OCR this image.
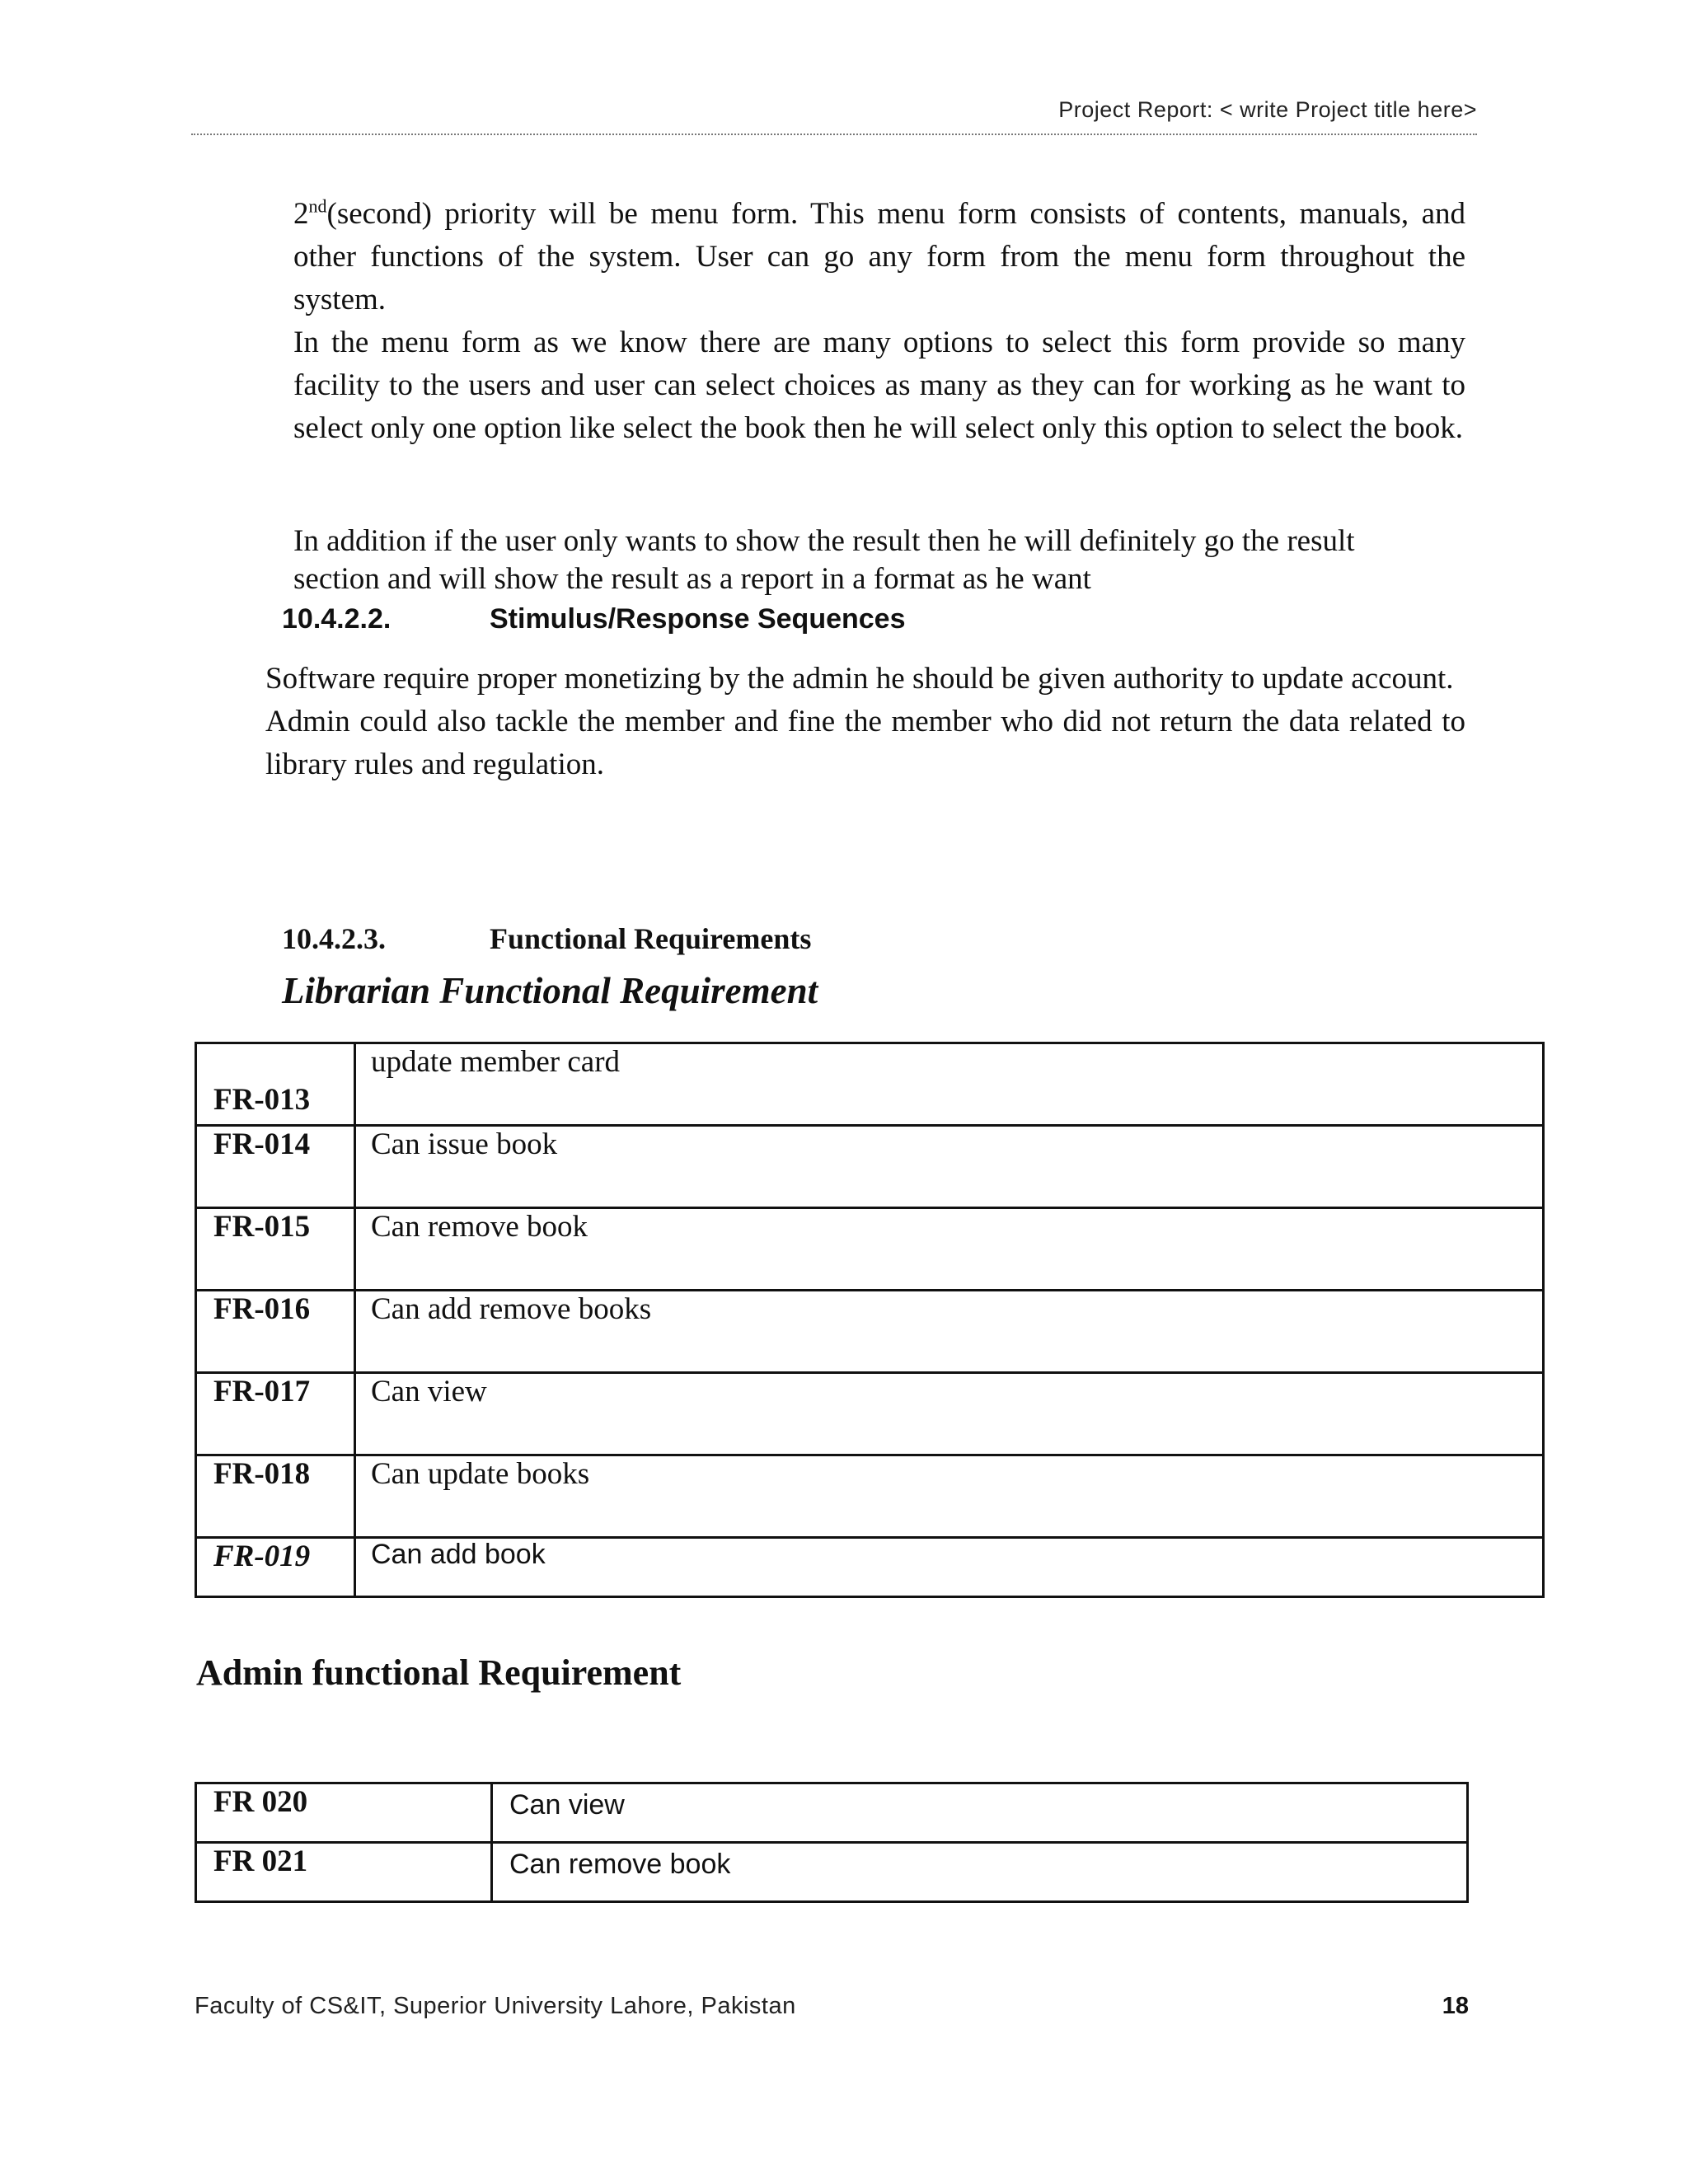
Project Report: < write Project title here>

2nd(second) priority will be menu form. This menu form consists of contents, manuals, and other functions of the system. User can go any form from the menu form throughout the system.

In the menu form as we know there are many options to select this form provide so many facility to the users and user can select choices as many as they can for working as he want to select only one option like select the book then he will select only this option to select the book.

In addition if the user only wants to show the result then he will definitely go the result

section and will show the result as a report in a format as he want

10.4.2.2.	Stimulus/Response Sequences

Software require proper monetizing by the admin he should be given authority to update account.

Admin could also tackle the member and fine the member who did not return the data related to library rules and regulation.

10.4.2.3.	Functional Requirements
Librarian Functional Requirement
FR-013	update member card
FR-014	Can issue book
FR-015	Can remove book
FR-016	Can add remove books
FR-017	Can view
FR-018	Can update books
FR-019	Can add book
Admin functional Requirement
FR 020	Can view
FR 021	Can remove book
Faculty of CS&IT, Superior University Lahore, Pakistan	18
